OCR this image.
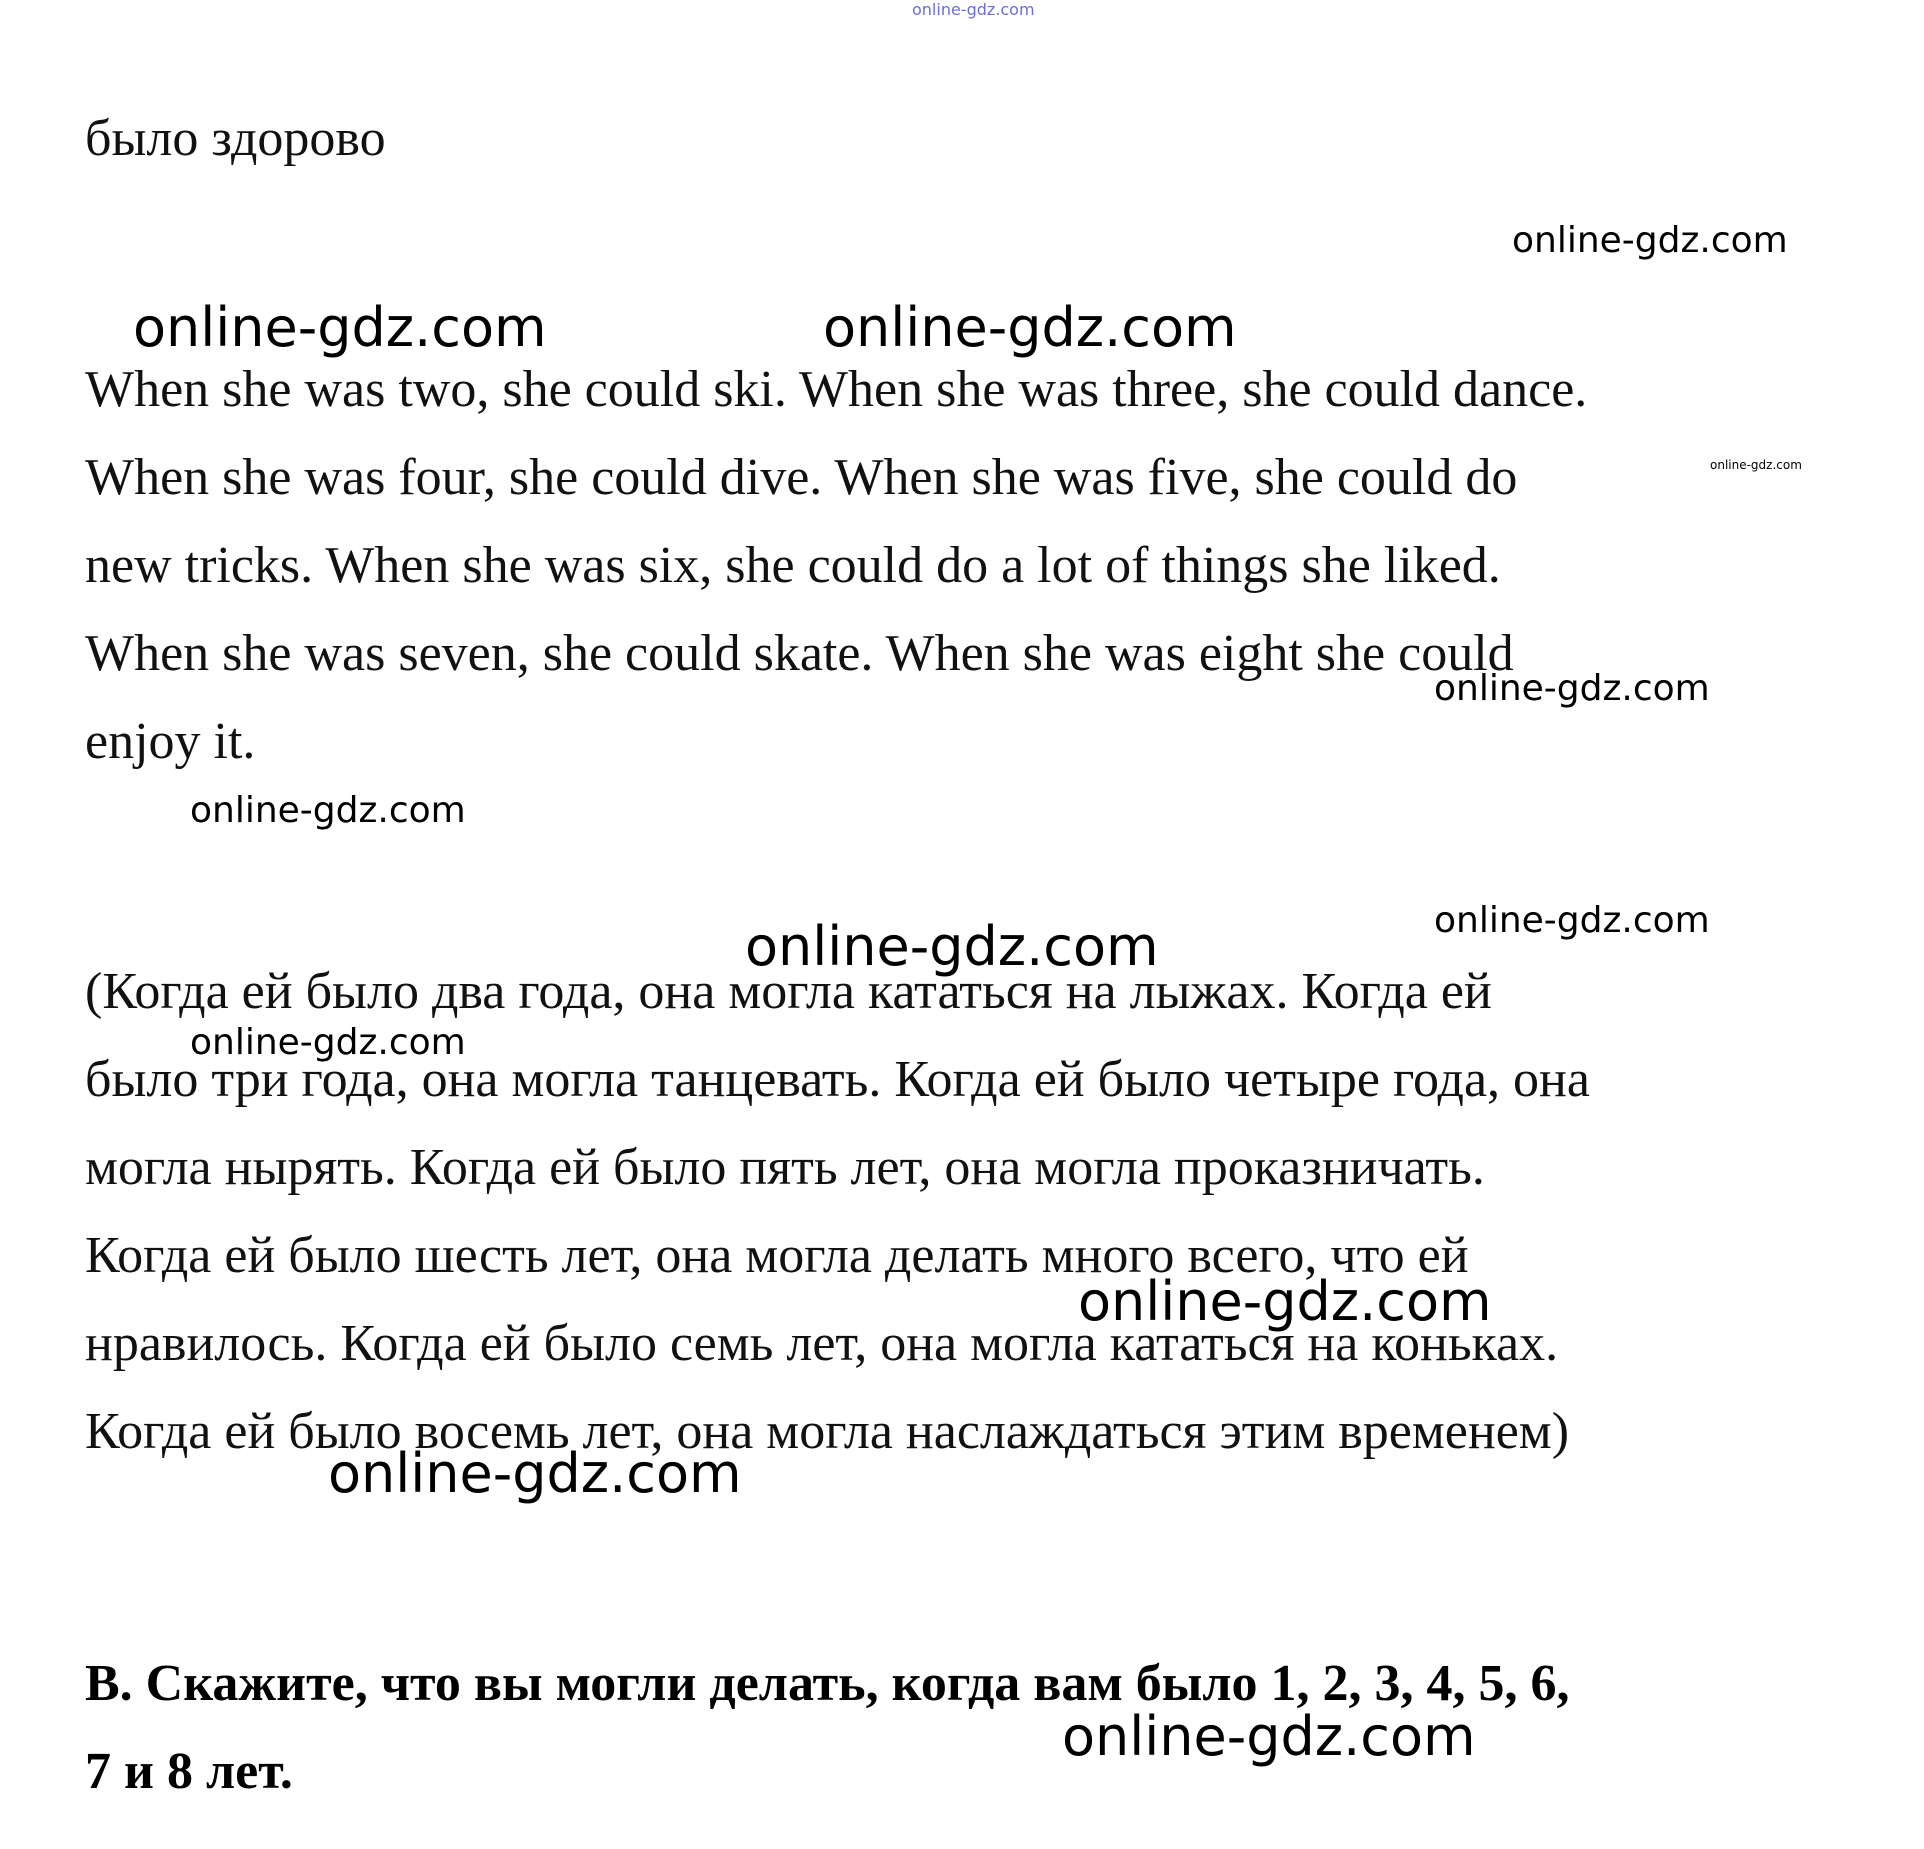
online-gdz.com

было здорово

When she was two, she could ski. When she was three, she could dance.
When she was four, she could dive. When she was five, she could do
new tricks. When she was six, she could do a lot of things she liked.
When she was seven, she could skate. When she was eight she could
enjoy it.

(Когда ей было два года, она могла кататься на лыжах. Когда ей
было три года, она могла танцевать. Когда ей было четыре года, она
могла нырять. Когда ей было пять лет, она могла проказничать.
Когда ей было шесть лет, она могла делать много всего, что ей
нравилось. Когда ей было семь лет, она могла кататься на коньках.
Когда ей было восемь лет, она могла наслаждаться этим временем)

B. Скажите, что вы могли делать, когда вам было 1, 2, 3, 4, 5, 6,
7 и 8 лет.

online-gdz.com
online-gdz.com	online-gdz.com
online-gdz.com
online-gdz.com
online-gdz.com
online-gdz.com
online-gdz.com
online-gdz.com
online-gdz.com
online-gdz.com
online-gdz.com
